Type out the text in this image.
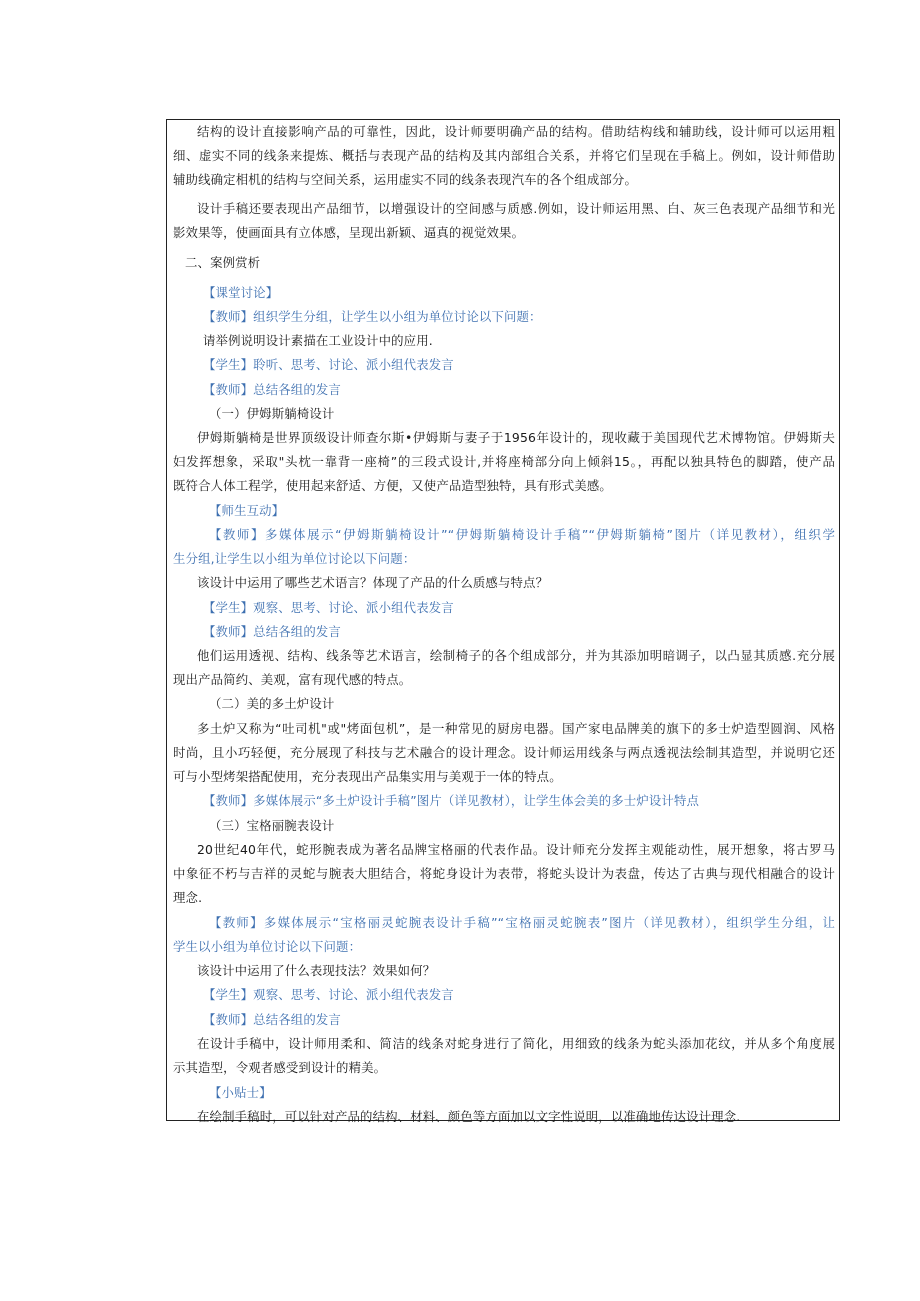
结构的设计直接影响产品的可靠性，因此，设计师要明确产品的结构。借助结构线和辅助线，设计师可以运用粗
细、虚实不同的线条来提炼、概括与表现产品的结构及其内部组合关系，并将它们呈现在手稿上。例如，设计师借助
辅助线确定相机的结构与空间关系，运用虚实不同的线条表现汽车的各个组成部分。
设计手稿还要表现出产品细节，以增强设计的空间感与质感.例如，设计师运用黑、白、灰三色表现产品细节和光
影效果等，使画面具有立体感，呈现出新颖、逼真的视觉效果。
二、案例赏析
【课堂讨论】
【教师】组织学生分组，让学生以小组为单位讨论以下问题：
请举例说明设计素描在工业设计中的应用.
【学生】聆听、思考、讨论、派小组代表发言
【教师】总结各组的发言
（一）伊姆斯躺椅设计
伊姆斯躺椅是世界顶级设计师查尔斯•伊姆斯与妻子于1956年设计的，现收藏于美国现代艺术博物馆。伊姆斯夫
妇发挥想象，采取"头枕一靠背一座椅”的三段式设计,并将座椅部分向上倾斜15。，再配以独具特色的脚踏，使产品
既符合人体工程学，使用起来舒适、方便，又使产品造型独特，具有形式美感。
【师生互动】
【教师】多媒体展示“伊姆斯躺椅设计”“伊姆斯躺椅设计手稿”“伊姆斯躺椅”图片（详见教材），组织学
生分组,让学生以小组为单位讨论以下问题：
该设计中运用了哪些艺术语言？体现了产品的什么质感与特点？
【学生】观察、思考、讨论、派小组代表发言
【教师】总结各组的发言
他们运用透视、结构、线条等艺术语言，绘制椅子的各个组成部分，并为其添加明暗调子，以凸显其质感.充分展
现出产品简约、美观，富有现代感的特点。
（二）美的多土炉设计
多土炉又称为“吐司机"或"烤面包机”，是一种常见的厨房电器。国产家电品牌美的旗下的多士炉造型圆润、风格
时尚，且小巧轻便，充分展现了科技与艺术融合的设计理念。设计师运用线条与两点透视法绘制其造型，并说明它还
可与小型烤架搭配使用，充分表现出产品集实用与美观于一体的特点。
【教师】多媒体展示“多土炉设计手稿”图片（详见教材），让学生体会美的多士炉设计特点
（三）宝格丽腕表设计
20世纪40年代，蛇形腕表成为著名品牌宝格丽的代表作品。设计师充分发挥主观能动性，展开想象，将古罗马
中象征不朽与吉祥的灵蛇与腕表大胆结合，将蛇身设计为表带，将蛇头设计为表盘，传达了古典与现代相融合的设计
理念.
【教师】多媒体展示“宝格丽灵蛇腕表设计手稿”“宝格丽灵蛇腕表”图片（详见教材），组织学生分组，让
学生以小组为单位讨论以下问题：
该设计中运用了什么表现技法？效果如何？
【学生】观察、思考、讨论、派小组代表发言
【教师】总结各组的发言
在设计手稿中，设计师用柔和、简洁的线条对蛇身进行了简化，用细致的线条为蛇头添加花纹，并从多个角度展
示其造型，令观者感受到设计的精美。
【小贴士】
在绘制手稿时，可以针对产品的结构、材料、颜色等方面加以文字性说明，以准确地传达设计理念.
